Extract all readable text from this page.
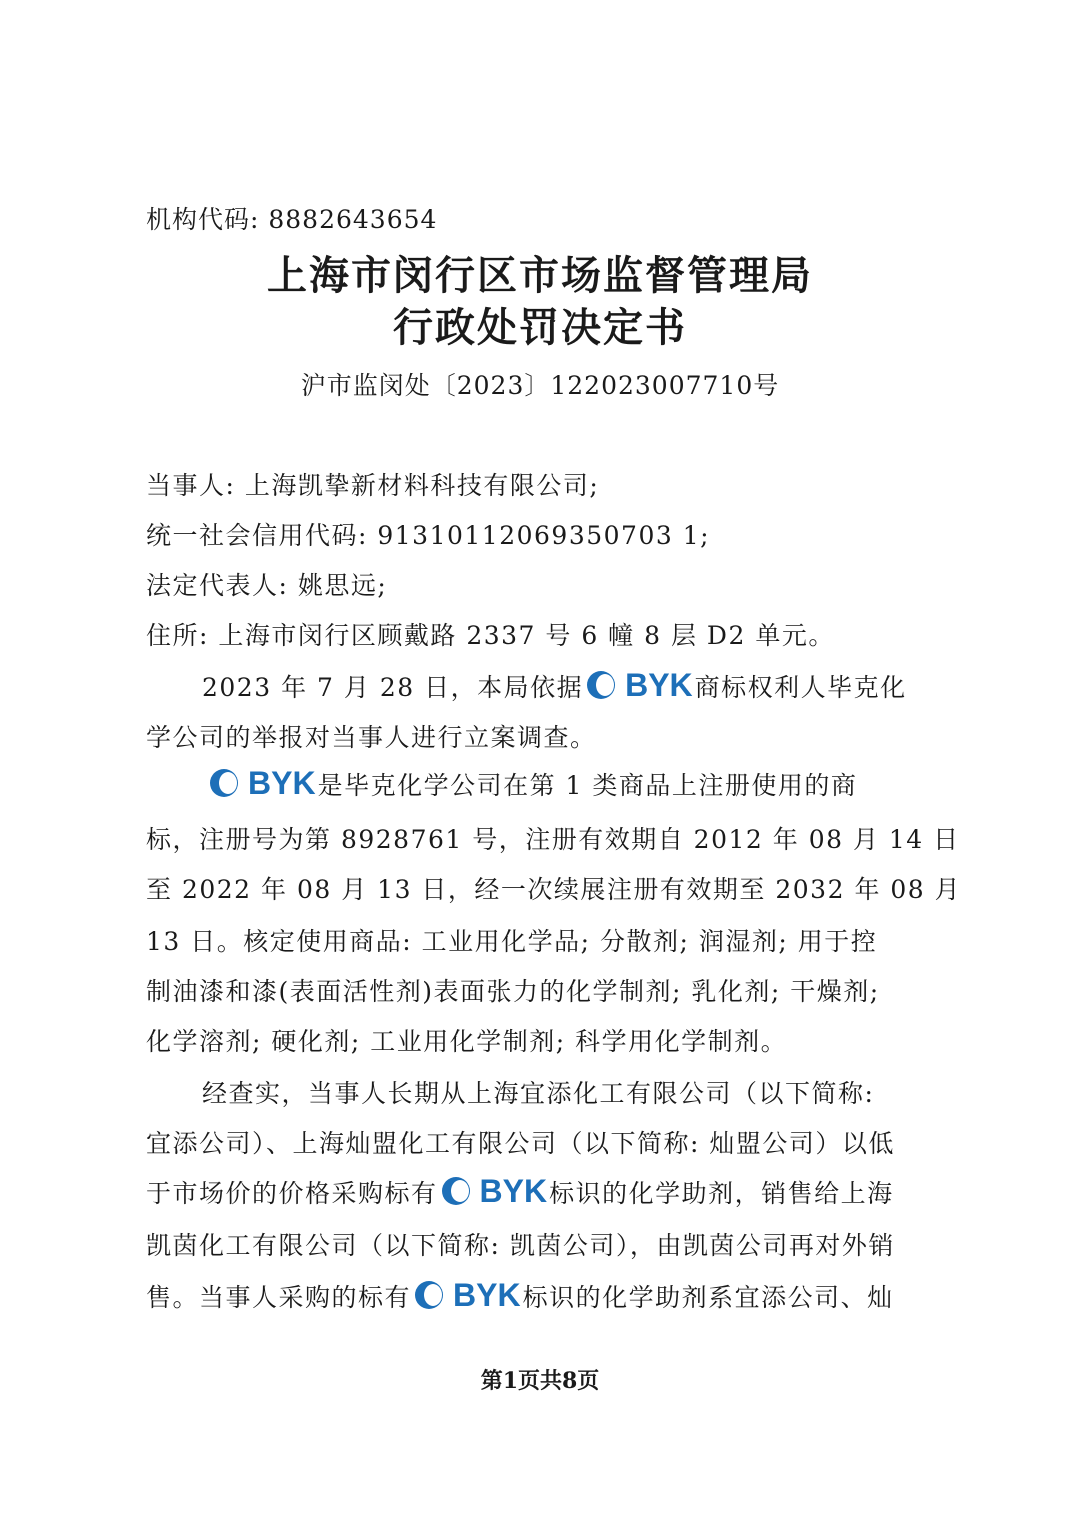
机构代码: 8882643654
上海市闵行区市场监督管理局
行政处罚决定书
沪市监闵处〔2023〕122023007710号
当事人: 上海凯挚新材料科技有限公司;
统一社会信用代码: 91310112069350703 1;
法定代表人: 姚思远;
住所: 上海市闵行区顾戴路 2337 号 6 幢 8 层 D2 单元。
2023 年 7 月 28 日，本局依据 BYK 商标权利人毕克化
学公司的举报对当事人进行立案调查。
BYK 是毕克化学公司在第 1 类商品上注册使用的商
标，注册号为第 8928761 号，注册有效期自 2012 年 08 月 14 日
至 2022 年 08 月 13 日，经一次续展注册有效期至 2032 年 08 月
13 日。核定使用商品: 工业用化学品; 分散剂; 润湿剂; 用于控
制油漆和漆(表面活性剂)表面张力的化学制剂; 乳化剂; 干燥剂;
化学溶剂; 硬化剂; 工业用化学制剂; 科学用化学制剂。
经查实，当事人长期从上海宜添化工有限公司（以下简称:
宜添公司）、上海灿盟化工有限公司（以下简称: 灿盟公司）以低
于市场价的价格采购标有 BYK 标识的化学助剂，销售给上海
凯茵化工有限公司（以下简称: 凯茵公司），由凯茵公司再对外销
售。当事人采购的标有 BYK 标识的化学助剂系宜添公司、灿
第1页共8页
